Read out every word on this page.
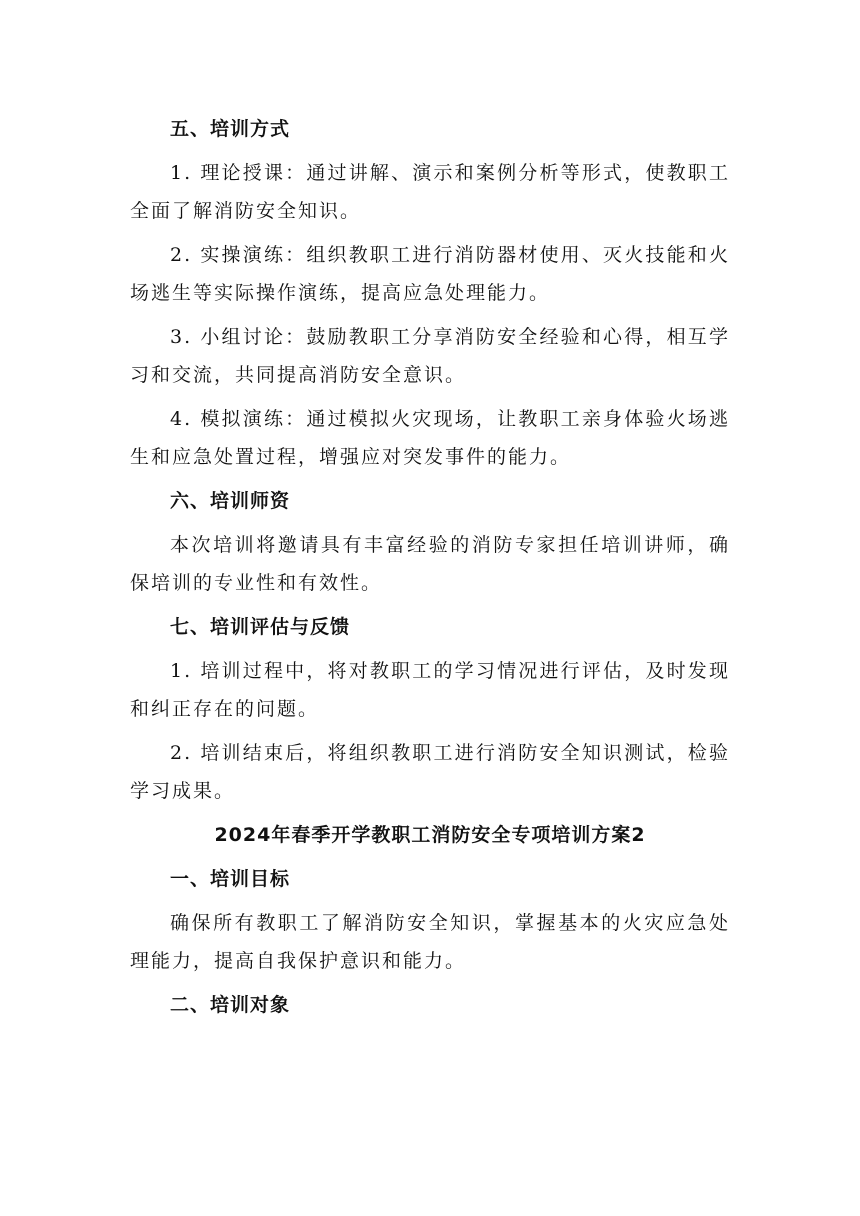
五、培训方式

1. 理论授课：通过讲解、演示和案例分析等形式，使教职工全面了解消防安全知识。

2. 实操演练：组织教职工进行消防器材使用、灭火技能和火场逃生等实际操作演练，提高应急处理能力。

3. 小组讨论：鼓励教职工分享消防安全经验和心得，相互学习和交流，共同提高消防安全意识。

4. 模拟演练：通过模拟火灾现场，让教职工亲身体验火场逃生和应急处置过程，增强应对突发事件的能力。

六、培训师资

本次培训将邀请具有丰富经验的消防专家担任培训讲师，确保培训的专业性和有效性。

七、培训评估与反馈

1. 培训过程中，将对教职工的学习情况进行评估，及时发现和纠正存在的问题。

2. 培训结束后，将组织教职工进行消防安全知识测试，检验学习成果。

2024年春季开学教职工消防安全专项培训方案2

一、培训目标

确保所有教职工了解消防安全知识，掌握基本的火灾应急处理能力，提高自我保护意识和能力。

二、培训对象
